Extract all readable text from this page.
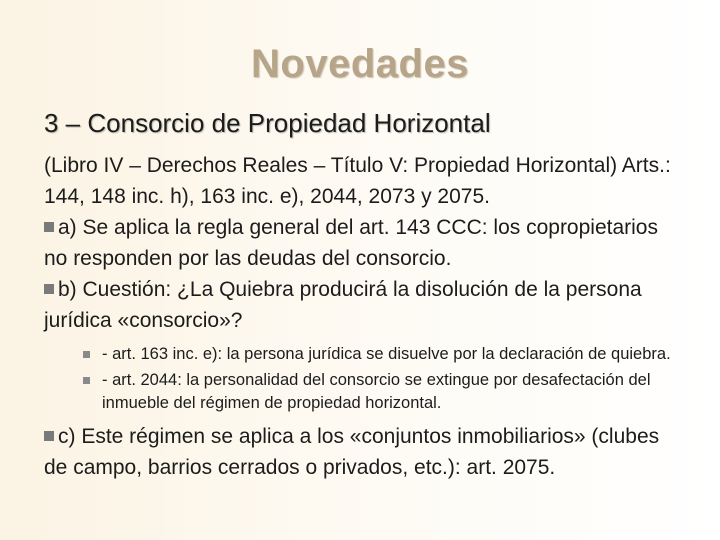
Novedades
3 – Consorcio de Propiedad Horizontal

(Libro IV – Derechos Reales – Título V: Propiedad Horizontal) Arts.: 144, 148 inc. h), 163 inc. e), 2044, 2073 y 2075.

a) Se aplica la regla general del art. 143 CCC: los copropietarios no responden por las deudas del consorcio.

b) Cuestión: ¿La Quiebra producirá la disolución de la persona jurídica «consorcio»?

- art. 163 inc. e): la persona jurídica se disuelve por la declaración de quiebra.
- art. 2044: la personalidad del consorcio se extingue por desafectación del inmueble del régimen de propiedad horizontal.

c) Este régimen se aplica a los «conjuntos inmobiliarios» (clubes de campo, barrios cerrados o privados, etc.): art. 2075.
